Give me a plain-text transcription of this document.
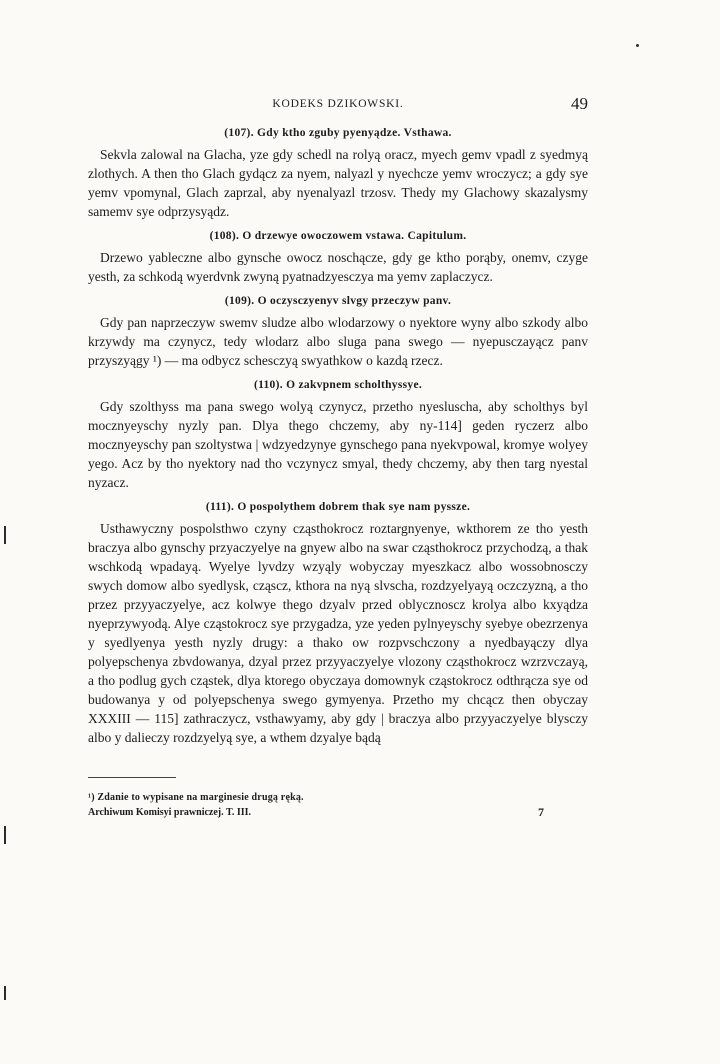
KODEKS DZIKOWSKI.	49
(107). Gdy ktho zguby pyenyądze. Vsthawa.

Sekvla zalowal na Glacha, yze gdy schedl na rolyą oracz, myech gemv vpadl z syedmyą zlothych. A then tho Glach gydącz za nyem, nalyazl y nyechcze yemv wroczycz; a gdy sye yemv vpomynal, Glach zaprzal, aby nyenalyazl trzosv. Thedy my Glachowy skazalysmy samemv sye odprzysyądz.

(108). O drzewye owoczowem vstawa. Capitulum.

Drzewo yableczne albo gynsche owocz noschącze, gdy ge ktho porąby, onemv, czyge yesth, za schkodą wyerdvnk zwyną pyatnadzyesczya ma yemv zaplaczycz.

(109). O oczysczyenyv slvgy przeczyw panv.

Gdy pan naprzeczyw swemv sludze albo wlodarzowy o nyektore wyny albo szkody albo krzywdy ma czynycz, tedy wlodarz albo sluga pana swego — nyepusczayącz panv przyszyągy ¹) — ma odbycz schesczyą swyathkow o kazdą rzecz.

(110). O zakvpnem scholthyssye.

Gdy szolthyss ma pana swego wolyą czynycz, przetho nyesluscha, aby scholthys byl mocznyeyschy nyzly pan. Dlya thego chczemy, aby ny-114] geden ryczerz albo mocznyeyschy pan szoltystwa | wdzyedzynye gynschego pana nyekvpowal, kromye wolyey yego. Acz by tho nyektory nad tho vczynycz smyal, thedy chczemy, aby then targ nyestal nyzacz.

(111). O pospolythem dobrem thak sye nam pyssze.

Usthawyczny pospolsthwo czyny cząsthokrocz roztargnyenye, wkthorem ze tho yesth braczya albo gynschy przyaczyelye na gnyew albo na swar cząsthokrocz przychodzą, a thak wschkodą wpadayą. Wyelye lyvdzy wzyąly wobyczay myeszkacz albo wossobnosczy swych domow albo syedlysk, cząscz, kthora na nyą slvscha, rozdzyelyayą oczczyzną, a tho przez przyyaczyelye, acz kolwye thego dzyalv przed oblycznoscz krolya albo kxyądza nyeprzywyodą. Alye cząstokrocz sye przygadza, yze yeden pylnyeyschy syebye obezrzenya y syedlyenya yesth nyzly drugy: a thako ow rozpvschczony a nyedbayączy dlya polyepschenya zbvdowanya, dzyal przez przyyaczyelye vlozony cząsthokrocz wzrzvczayą, a tho podlug gych cząstek, dlya ktorego obyczaya domownyk cząstokrocz odthrącza sye od budowanya y od polyepschenya swego gymyenya. Przetho my chcącz then obyczay XXXIII — 115] zathraczycz, vsthawyamy, aby gdy | braczya albo przyyaczyelye blysczy albo y dalieczy rozdzyelyą sye, a wthem dzyalye bądą

¹) Zdanie to wypisane na marginesie drugą ręką.
Archiwum Komisyi prawniczej. T. III.	7
